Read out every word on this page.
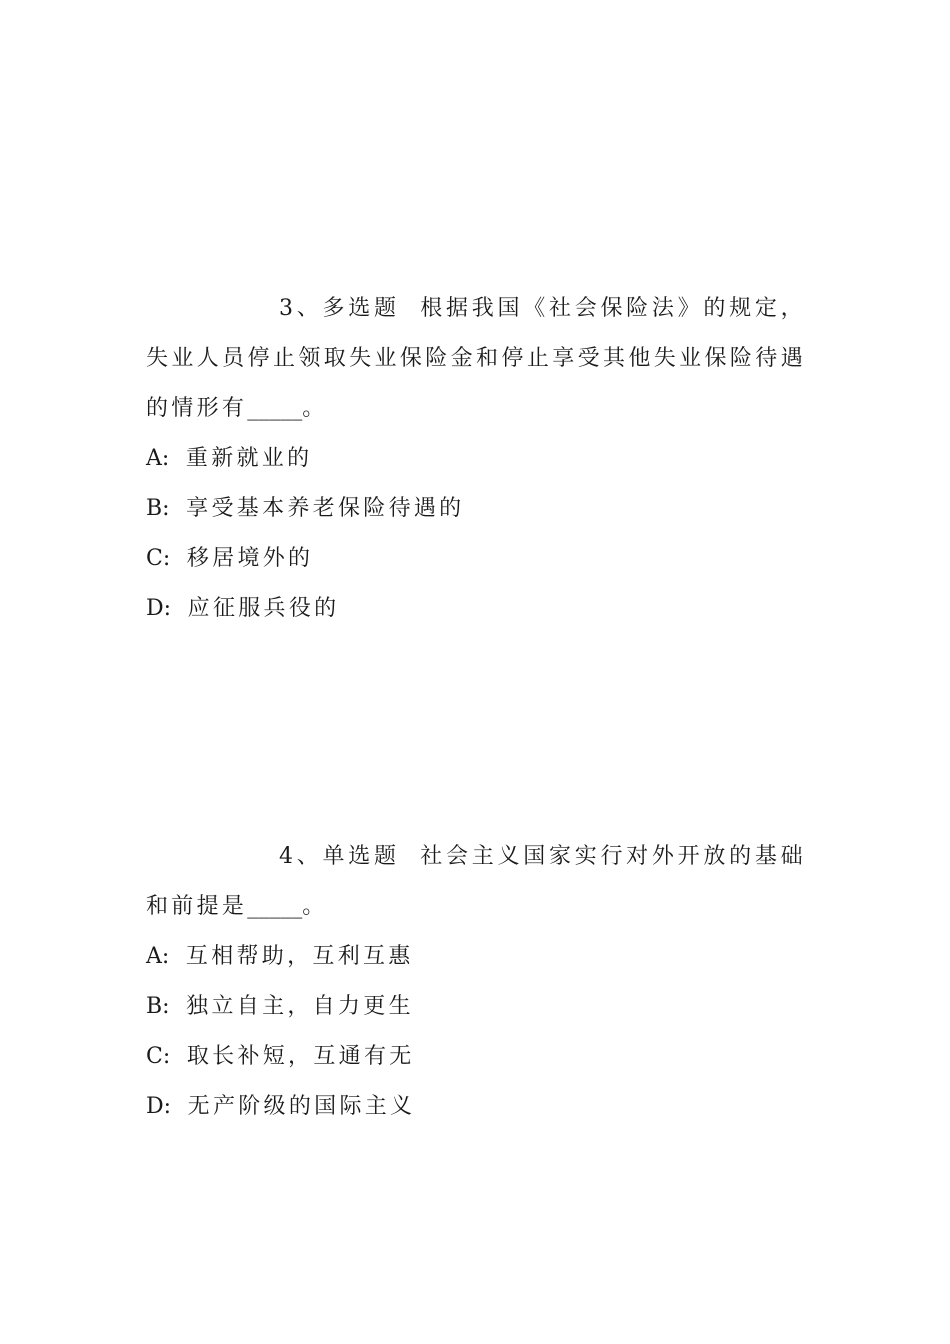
3、多选题 根据我国《社会保险法》的规定，失业人员停止领取失业保险金和停止享受其他失业保险待遇的情形有_____。

A: 重新就业的
B: 享受基本养老保险待遇的
C: 移居境外的
D: 应征服兵役的

4、单选题 社会主义国家实行对外开放的基础和前提是_____。

A: 互相帮助，互利互惠
B: 独立自主，自力更生
C: 取长补短，互通有无
D: 无产阶级的国际主义
